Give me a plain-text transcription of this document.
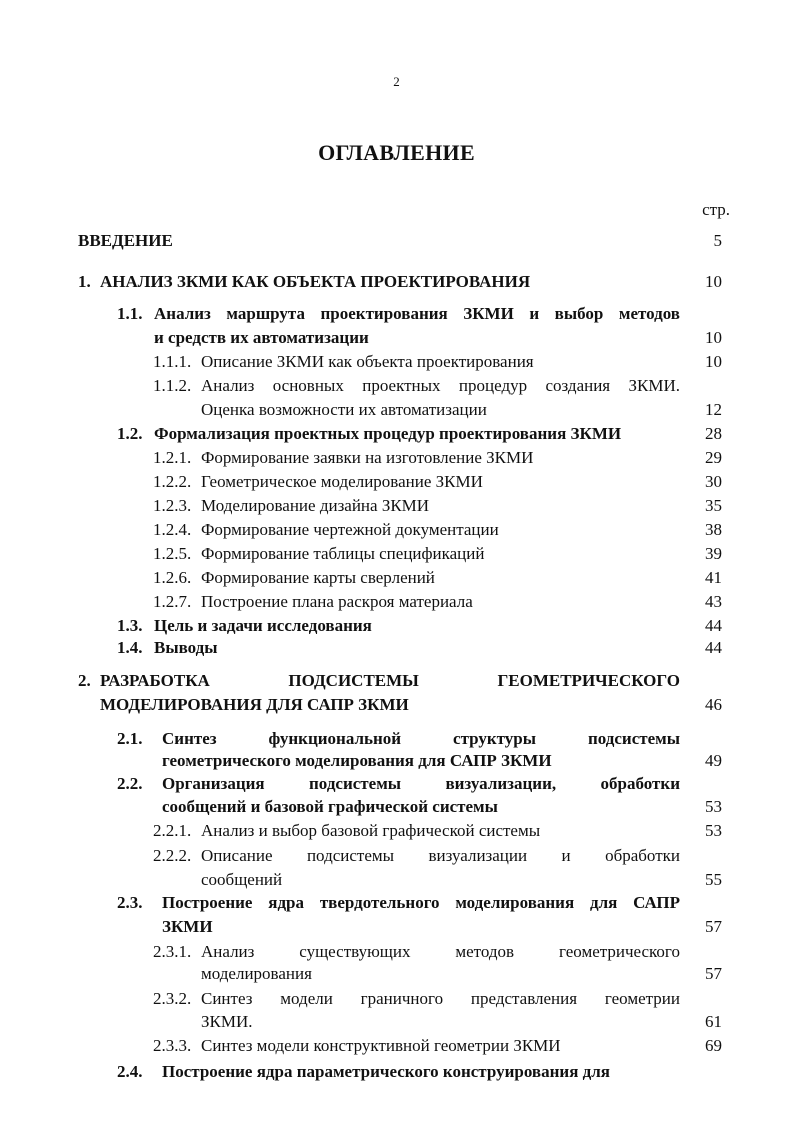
2
ОГЛАВЛЕНИЕ
стр.
ВВЕДЕНИЕ	5
1. АНАЛИЗ ЗКМИ КАК ОБЪЕКТА ПРОЕКТИРОВАНИЯ	10
1.1. Анализ маршрута проектирования ЗКМИ и выбор методов
и средств их автоматизации	10
1.1.1. Описание ЗКМИ как объекта проектирования	10
1.1.2. Анализ основных проектных процедур создания ЗКМИ.
Оценка возможности их автоматизации	12
1.2. Формализация проектных процедур проектирования ЗКМИ	28
1.2.1. Формирование заявки на изготовление ЗКМИ	29
1.2.2. Геометрическое моделирование ЗКМИ	30
1.2.3. Моделирование дизайна ЗКМИ	35
1.2.4. Формирование чертежной документации	38
1.2.5. Формирование таблицы спецификаций	39
1.2.6. Формирование карты сверлений	41
1.2.7. Построение плана раскроя материала	43
1.3. Цель и задачи исследования	44
1.4. Выводы	44
2. РАЗРАБОТКА ПОДСИСТЕМЫ ГЕОМЕТРИЧЕСКОГО
МОДЕЛИРОВАНИЯ ДЛЯ САПР ЗКМИ	46
2.1. Синтез функциональной структуры подсистемы
геометрического моделирования для САПР ЗКМИ	49
2.2. Организация подсистемы визуализации, обработки
сообщений и базовой графической системы	53
2.2.1. Анализ и выбор базовой графической системы	53
2.2.2. Описание подсистемы визуализации и обработки
сообщений	55
2.3. Построение ядра твердотельного моделирования для САПР
ЗКМИ	57
2.3.1. Анализ существующих методов геометрического
моделирования	57
2.3.2. Синтез модели граничного представления геометрии
ЗКМИ.	61
2.3.3. Синтез модели конструктивной геометрии ЗКМИ	69
2.4. Построение ядра параметрического конструирования для
